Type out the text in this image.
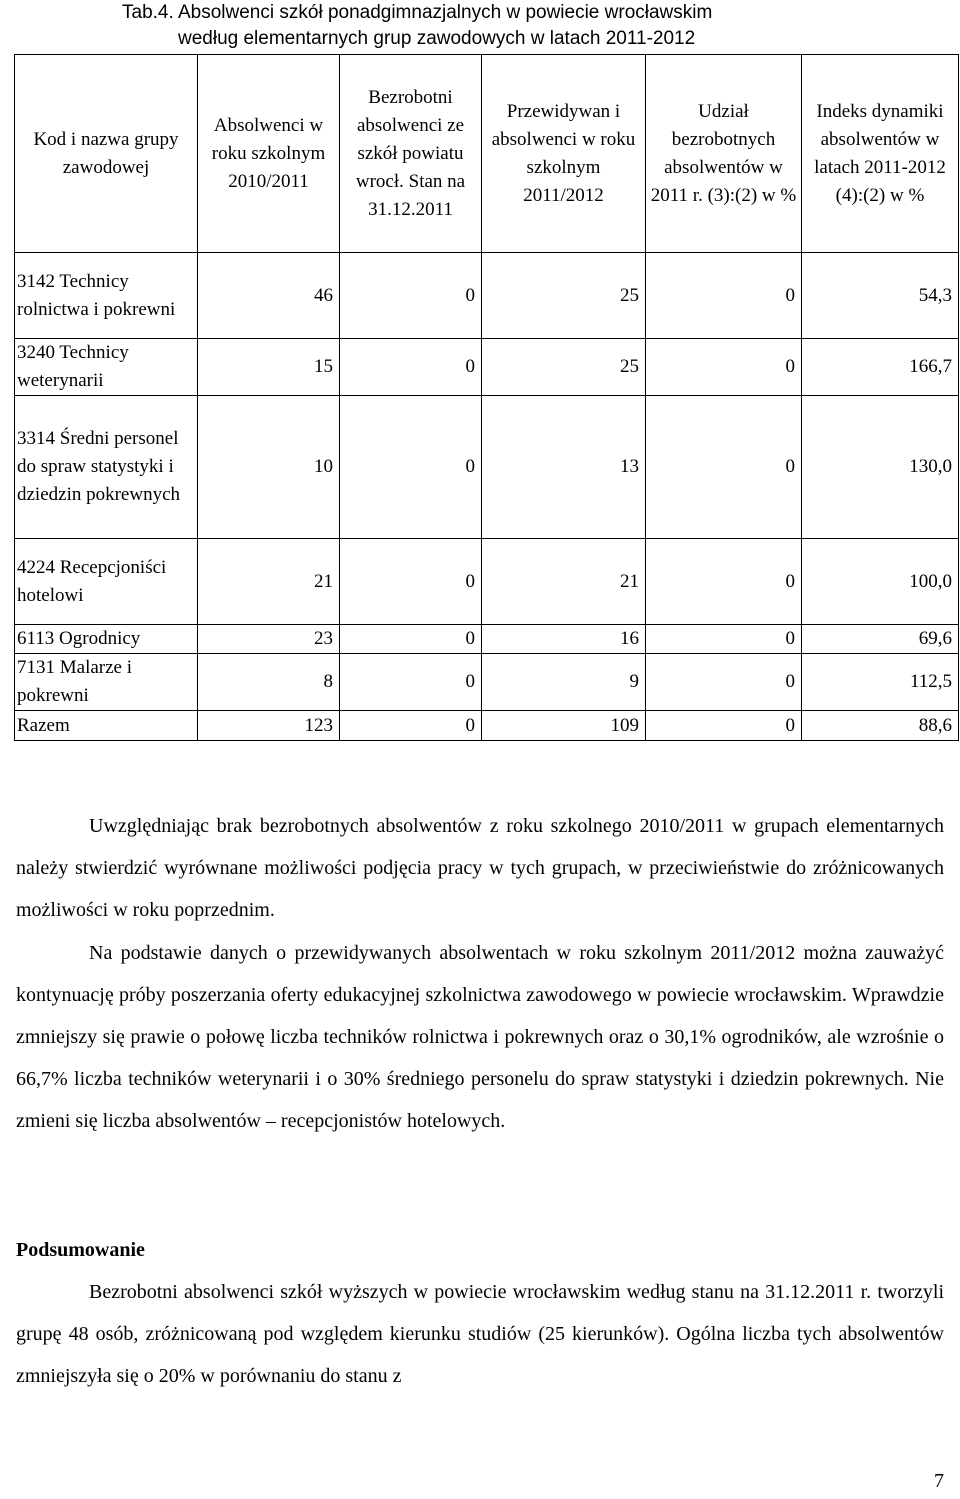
Tab.4. Absolwenci szkół ponadgimnazjalnych w powiecie wrocławskim
według elementarnych grup zawodowych w latach 2011-2012
Kod i nazwa grupy zawodowej	Absolwenci w roku szkolnym 2010/2011	Bezrobotni absolwenci ze szkół powiatu wrocł. Stan na 31.12.2011	Przewidywan i absolwenci w roku szkolnym 2011/2012	Udział bezrobotnych absolwentów w 2011 r. (3):(2) w %	Indeks dynamiki absolwentów w latach 2011-2012 (4):(2) w %
3142 Technicy rolnictwa i pokrewni	46	0	25	0	54,3
3240 Technicy weterynarii	15	0	25	0	166,7
3314 Średni personel do spraw statystyki i dziedzin pokrewnych	10	0	13	0	130,0
4224 Recepcjoniści hotelowi	21	0	21	0	100,0
6113 Ogrodnicy	23	0	16	0	69,6
7131 Malarze i pokrewni	8	0	9	0	112,5
Razem	123	0	109	0	88,6

Uwzględniając brak bezrobotnych absolwentów z roku szkolnego 2010/2011 w grupach elementarnych należy stwierdzić wyrównane możliwości podjęcia pracy w tych grupach, w przeciwieństwie do zróżnicowanych możliwości w roku poprzednim.

Na podstawie danych o przewidywanych absolwentach w roku szkolnym 2011/2012 można zauważyć kontynuację próby poszerzania oferty edukacyjnej szkolnictwa zawodowego w powiecie wrocławskim. Wprawdzie zmniejszy się prawie o połowę liczba techników rolnictwa i pokrewnych oraz o 30,1% ogrodników, ale wzrośnie o 66,7% liczba techników weterynarii i o 30% średniego personelu do spraw statystyki i dziedzin pokrewnych. Nie zmieni się liczba absolwentów – recepcjonistów hotelowych.

Podsumowanie

Bezrobotni absolwenci szkół wyższych w powiecie wrocławskim według stanu na 31.12.2011 r. tworzyli grupę 48 osób, zróżnicowaną pod względem kierunku studiów (25 kierunków). Ogólna liczba tych absolwentów zmniejszyła się o 20% w porównaniu do stanu z

7
